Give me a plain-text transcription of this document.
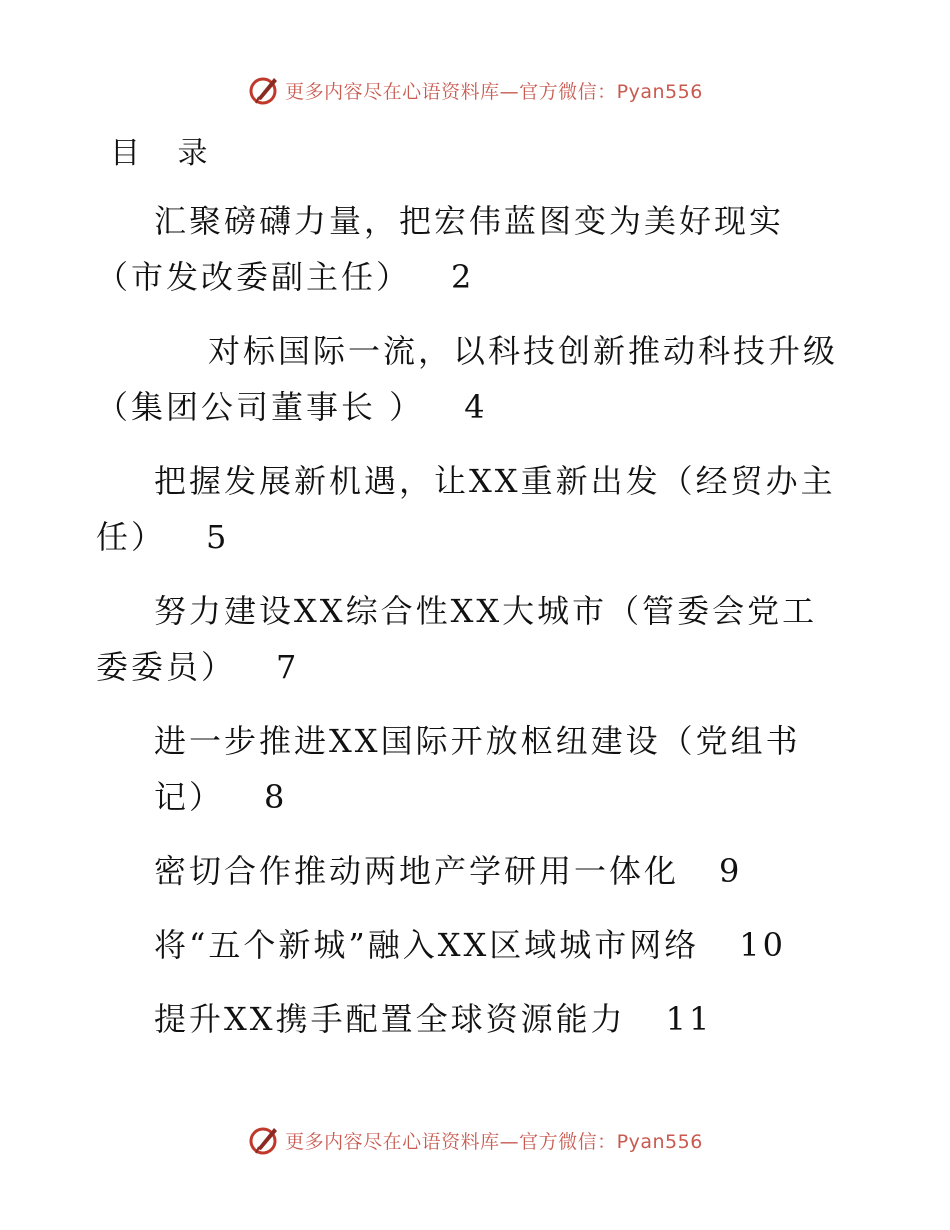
更多内容尽在心语资料库—官方微信：Pyan556
目 录

汇聚磅礴力量，把宏伟蓝图变为美好现实（市发改委副主任） 2

对标国际一流，以科技创新推动科技升级（集团公司董事长 ） 4

把握发展新机遇，让XX重新出发（经贸办主任） 5

努力建设XX综合性XX大城市（管委会党工委委员） 7

进一步推进XX国际开放枢纽建设（党组书记） 8

密切合作推动两地产学研用一体化 9

将“五个新城”融入XX区域城市网络 10

提升XX携手配置全球资源能力 11

更多内容尽在心语资料库—官方微信：Pyan556
